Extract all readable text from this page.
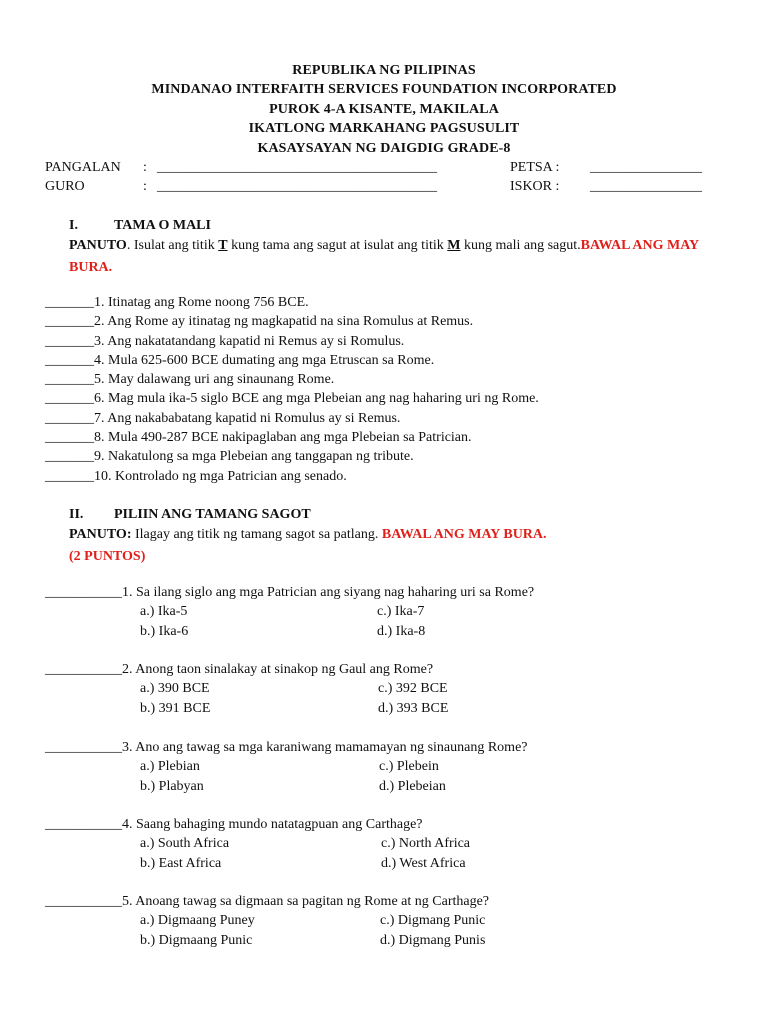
REPUBLIKA NG PILIPINAS
MINDANAO INTERFAITH SERVICES FOUNDATION INCORPORATED
PUROK 4-A KISANTE, MAKILALA
IKATLONG MARKAHANG PAGSUSULIT
KASAYSAYAN NG DAIGDIG GRADE-8
PANGALAN : ________________________________________	PETSA : ________________
GURO	: ________________________________________	ISKOR : ________________
I.	TAMA O MALI
PANUTO. Isulat ang titik T kung tama ang sagut at isulat ang titik M kung mali ang sagut.BAWAL ANG MAY BURA.
_______1. Itinatag ang Rome noong 756 BCE.
_______2. Ang Rome ay itinatag ng magkapatid na sina Romulus at Remus.
_______3. Ang nakatatandang kapatid ni Remus ay si Romulus.
_______4. Mula 625-600 BCE dumating ang mga Etruscan sa Rome.
_______5. May dalawang uri ang sinaunang Rome.
_______6. Mag mula ika-5 siglo BCE ang mga Plebeian ang nag haharing uri ng Rome.
_______7. Ang nakababatang kapatid ni Romulus ay si Remus.
_______8. Mula 490-287 BCE nakipaglaban ang mga Plebeian sa Patrician.
_______9. Nakatulong sa mga Plebeian ang tanggapan ng tribute.
_______10. Kontrolado ng mga Patrician ang senado.
II. PILIIN ANG TAMANG SAGOT
PANUTO: Ilagay ang titik ng tamang sagot sa patlang. BAWAL ANG MAY BURA.
(2 PUNTOS)
___________1. Sa ilang siglo ang mga Patrician ang siyang nag haharing uri sa Rome?
a.) Ika-5	c.) Ika-7
b.) Ika-6	d.) Ika-8
___________2. Anong taon sinalakay at sinakop ng Gaul ang Rome?
a.) 390 BCE	c.) 392 BCE
b.) 391 BCE	d.) 393 BCE
___________3. Ano ang tawag sa mga karaniwang mamamayan ng sinaunang Rome?
a.) Plebian	c.) Plebein
b.) Plabyan	d.) Plebeian
___________4. Saang bahaging mundo natatagpuan ang Carthage?
a.) South Africa	c.) North Africa
b.) East Africa	d.) West Africa
___________5. Anoang tawag sa digmaan sa pagitan ng Rome at ng Carthage?
a.) Digmaang Puney	c.) Digmang Punic
b.) Digmaang Punic	d.) Digmang Punis
